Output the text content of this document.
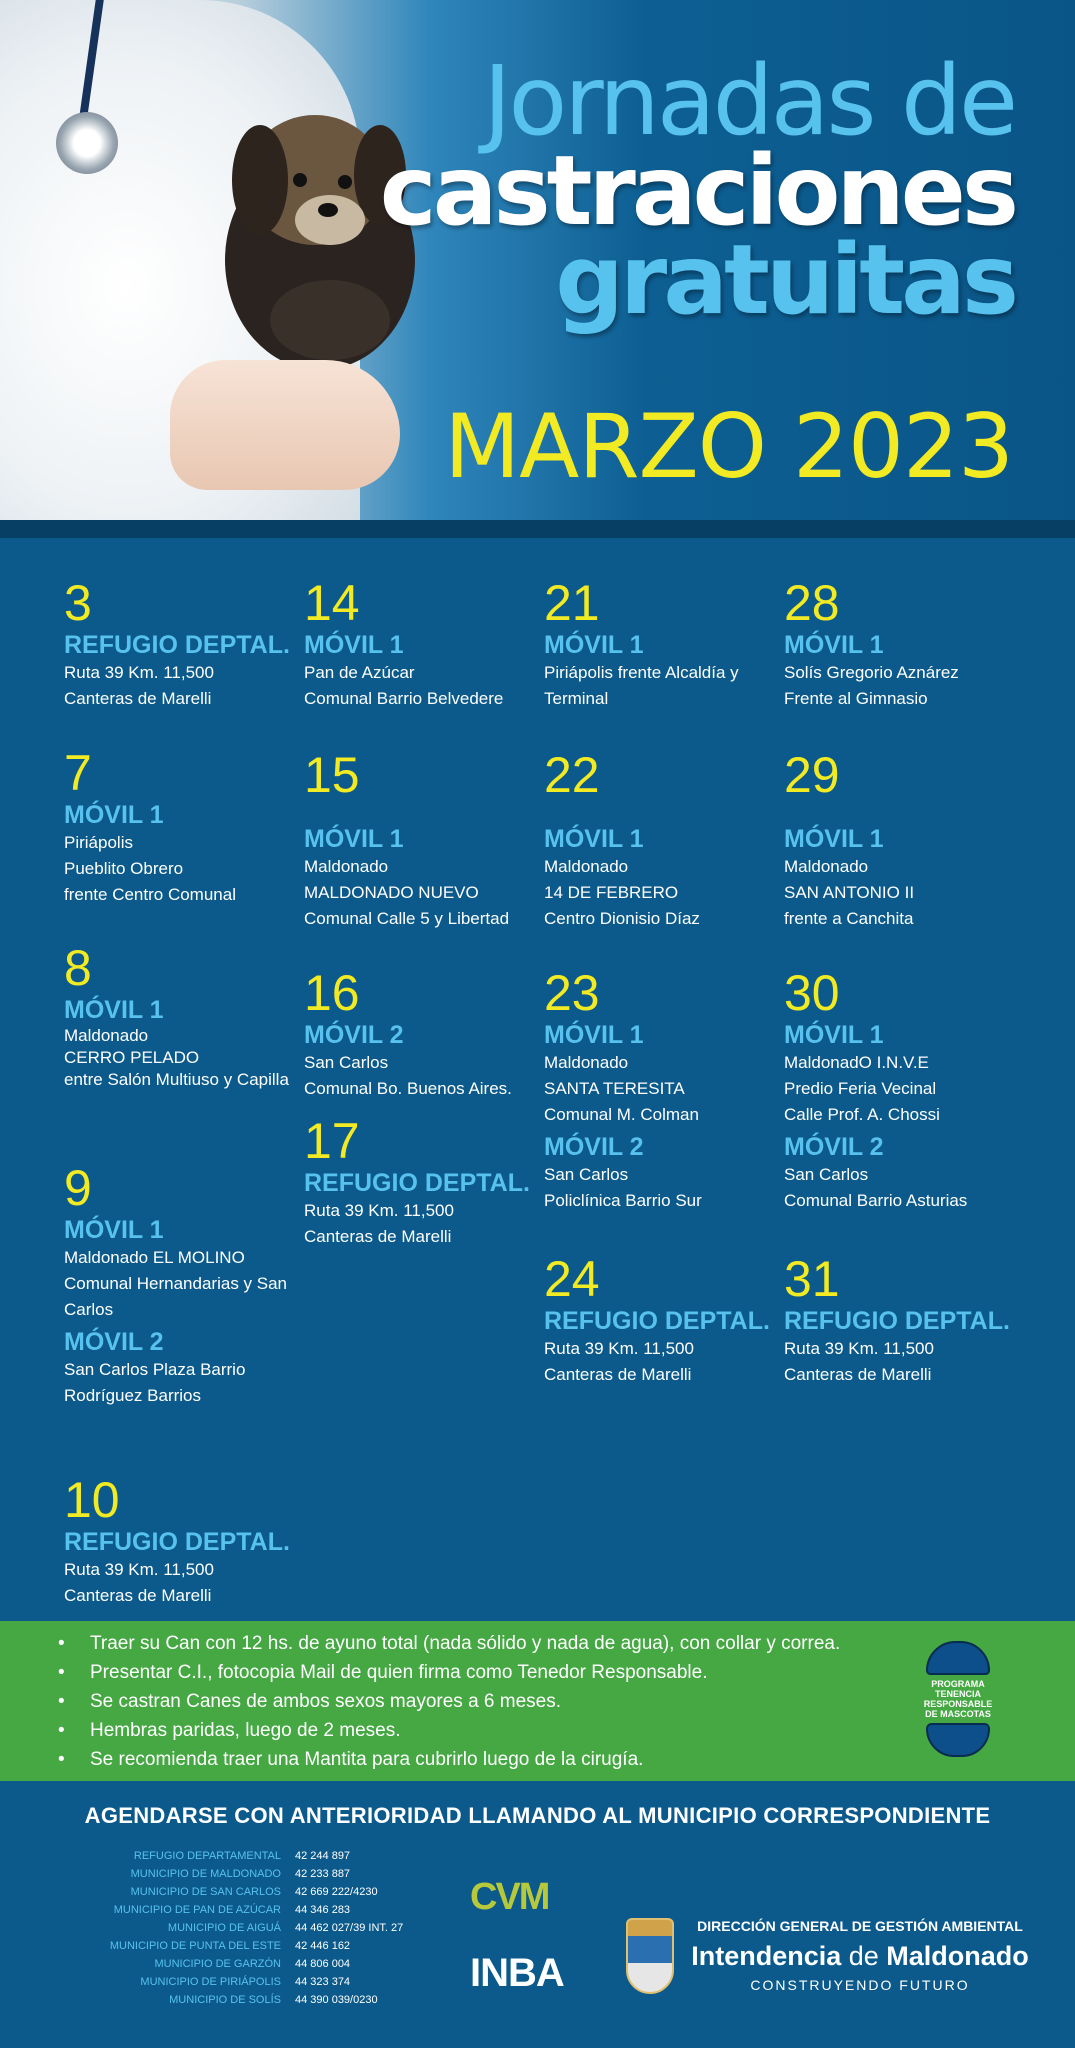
Jornadas de
castraciones
gratuitas
MARZO 2023
3
REFUGIO DEPTAL.
Ruta 39 Km. 11,500
Canteras de Marelli
7
MÓVIL 1
Piriápolis
Pueblito Obrero
frente Centro Comunal
8
MÓVIL 1
Maldonado
CERRO PELADO
entre Salón Multiuso y Capilla
9
MÓVIL 1
Maldonado EL MOLINO
Comunal Hernandarias y San Carlos
MÓVIL 2
San Carlos Plaza Barrio
Rodríguez Barrios
10
REFUGIO DEPTAL.
Ruta 39 Km. 11,500
Canteras de Marelli
14
MÓVIL 1
Pan de Azúcar
Comunal Barrio Belvedere
15
MÓVIL 1
Maldonado
MALDONADO NUEVO
Comunal Calle 5 y Libertad
16
MÓVIL 2
San Carlos
Comunal Bo. Buenos Aires.
17
REFUGIO DEPTAL.
Ruta 39 Km. 11,500
Canteras de Marelli
21
MÓVIL 1
Piriápolis frente Alcaldía y Terminal
22
MÓVIL 1
Maldonado
14 DE FEBRERO
Centro Dionisio Díaz
23
MÓVIL 1
Maldonado
SANTA TERESITA
Comunal M. Colman
MÓVIL 2
San Carlos
Policlínica Barrio Sur
24
REFUGIO DEPTAL.
Ruta 39 Km. 11,500
Canteras de Marelli
28
MÓVIL 1
Solís Gregorio Aznárez
Frente al Gimnasio
29
MÓVIL 1
Maldonado
SAN ANTONIO II
frente a Canchita
30
MÓVIL 1
MaldonadO I.N.V.E
Predio Feria Vecinal
Calle Prof. A. Chossi
MÓVIL 2
San Carlos
Comunal Barrio Asturias
31
REFUGIO DEPTAL.
Ruta 39 Km. 11,500
Canteras de Marelli
• Traer su Can con 12 hs. de ayuno total (nada sólido y nada de agua), con collar y correa.
• Presentar C.I., fotocopia Mail de quien firma como Tenedor Responsable.
• Se castran Canes de ambos sexos mayores a 6 meses.
• Hembras paridas, luego de 2 meses.
• Se recomienda traer una Mantita para cubrirlo luego de la cirugía.
PROGRAMA TENENCIA RESPONSABLE DE MASCOTAS
AGENDARSE CON ANTERIORIDAD LLAMANDO AL MUNICIPIO CORRESPONDIENTE
REFUGIO DEPARTAMENTAL	42 244 897
MUNICIPIO DE MALDONADO	42 233 887
MUNICIPIO DE SAN CARLOS	42 669 222/4230
MUNICIPIO DE PAN DE AZÚCAR	44 346 283
MUNICIPIO DE AIGUÁ	44 462 027/39 INT. 27
MUNICIPIO DE PUNTA DEL ESTE	42 446 162
MUNICIPIO DE GARZÓN	44 806 004
MUNICIPIO DE PIRIÁPOLIS	44 323 374
MUNICIPIO DE SOLÍS	44 390 039/0230
CVM
INBA
DIRECCIÓN GENERAL DE GESTIÓN AMBIENTAL
Intendencia de Maldonado
CONSTRUYENDO FUTURO
